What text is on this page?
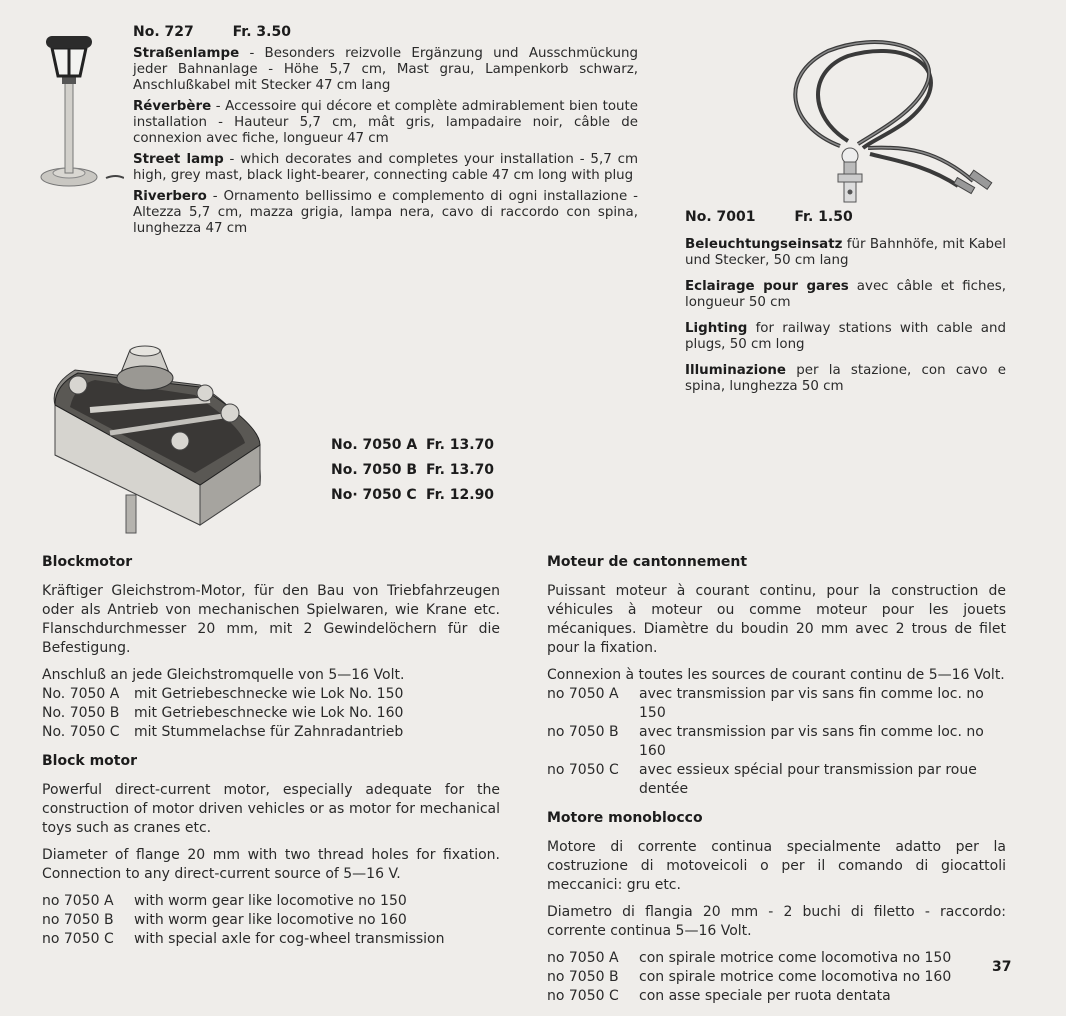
No. 727	Fr. 3.50

Straßenlampe - Besonders reizvolle Ergänzung und Ausschmückung jeder Bahnanlage - Höhe 5,7 cm, Mast grau, Lampenkorb schwarz, Anschlußkabel mit Stecker 47 cm lang

Réverbère - Accessoire qui décore et complète admirablement bien toute installation - Hauteur 5,7 cm, mât gris, lampadaire noir, câble de connexion avec fiche, longueur 47 cm

Street lamp - which decorates and completes your installation - 5,7 cm high, grey mast, black light-bearer, connecting cable 47 cm long with plug

Riverbero - Ornamento bellissimo e complemento di ogni installazione - Altezza 5,7 cm, mazza grigia, lampa nera, cavo di raccordo con spina, lunghezza 47 cm

No. 7001	Fr. 1.50

Beleuchtungseinsatz für Bahnhöfe, mit Kabel und Stecker, 50 cm lang

Eclairage pour gares avec câble et fiches, longueur 50 cm

Lighting for railway stations with cable and plugs, 50 cm long

Illuminazione per la stazione, con cavo e spina, lunghezza 50 cm

No. 7050 A Fr. 13.70
No. 7050 B Fr. 13.70
No· 7050 C Fr. 12.90
Blockmotor

Kräftiger Gleichstrom-Motor, für den Bau von Triebfahrzeugen oder als Antrieb von mechanischen Spielwaren, wie Krane etc. Flanschdurchmesser 20 mm, mit 2 Gewindelöchern für die Befestigung.

Anschluß an jede Gleichstromquelle von 5—16 Volt.

No. 7050 A	mit Getriebeschnecke wie Lok No. 150
No. 7050 B	mit Getriebeschnecke wie Lok No. 160
No. 7050 C	mit Stummelachse für Zahnradantrieb
Block motor

Powerful direct-current motor, especially adequate for the construction of motor driven vehicles or as motor for mechanical toys such as cranes etc.

Diameter of flange 20 mm with two thread holes for fixation. Connection to any direct-current source of 5—16 V.

no 7050 A	with worm gear like locomotive no 150
no 7050 B	with worm gear like locomotive no 160
no 7050 C	with special axle for cog-wheel transmission
Moteur de cantonnement

Puissant moteur à courant continu, pour la construction de véhicules à moteur ou comme moteur pour les jouets mécaniques. Diamètre du boudin 20 mm avec 2 trous de filet pour la fixation.

Connexion à toutes les sources de courant continu de 5—16 Volt.

no 7050 A	avec transmission par vis sans fin comme loc. no 150
no 7050 B	avec transmission par vis sans fin comme loc. no 160
no 7050 C	avec essieux spécial pour transmission par roue dentée
Motore monoblocco

Motore di corrente continua specialmente adatto per la costruzione di motoveicoli o per il comando di giocattoli meccanici: gru etc.

Diametro di flangia 20 mm - 2 buchi di filetto - raccordo: corrente continua 5—16 Volt.

no 7050 A	con spirale motrice come locomotiva no 150
no 7050 B	con spirale motrice come locomotiva no 160
no 7050 C	con asse speciale per ruota dentata
37
